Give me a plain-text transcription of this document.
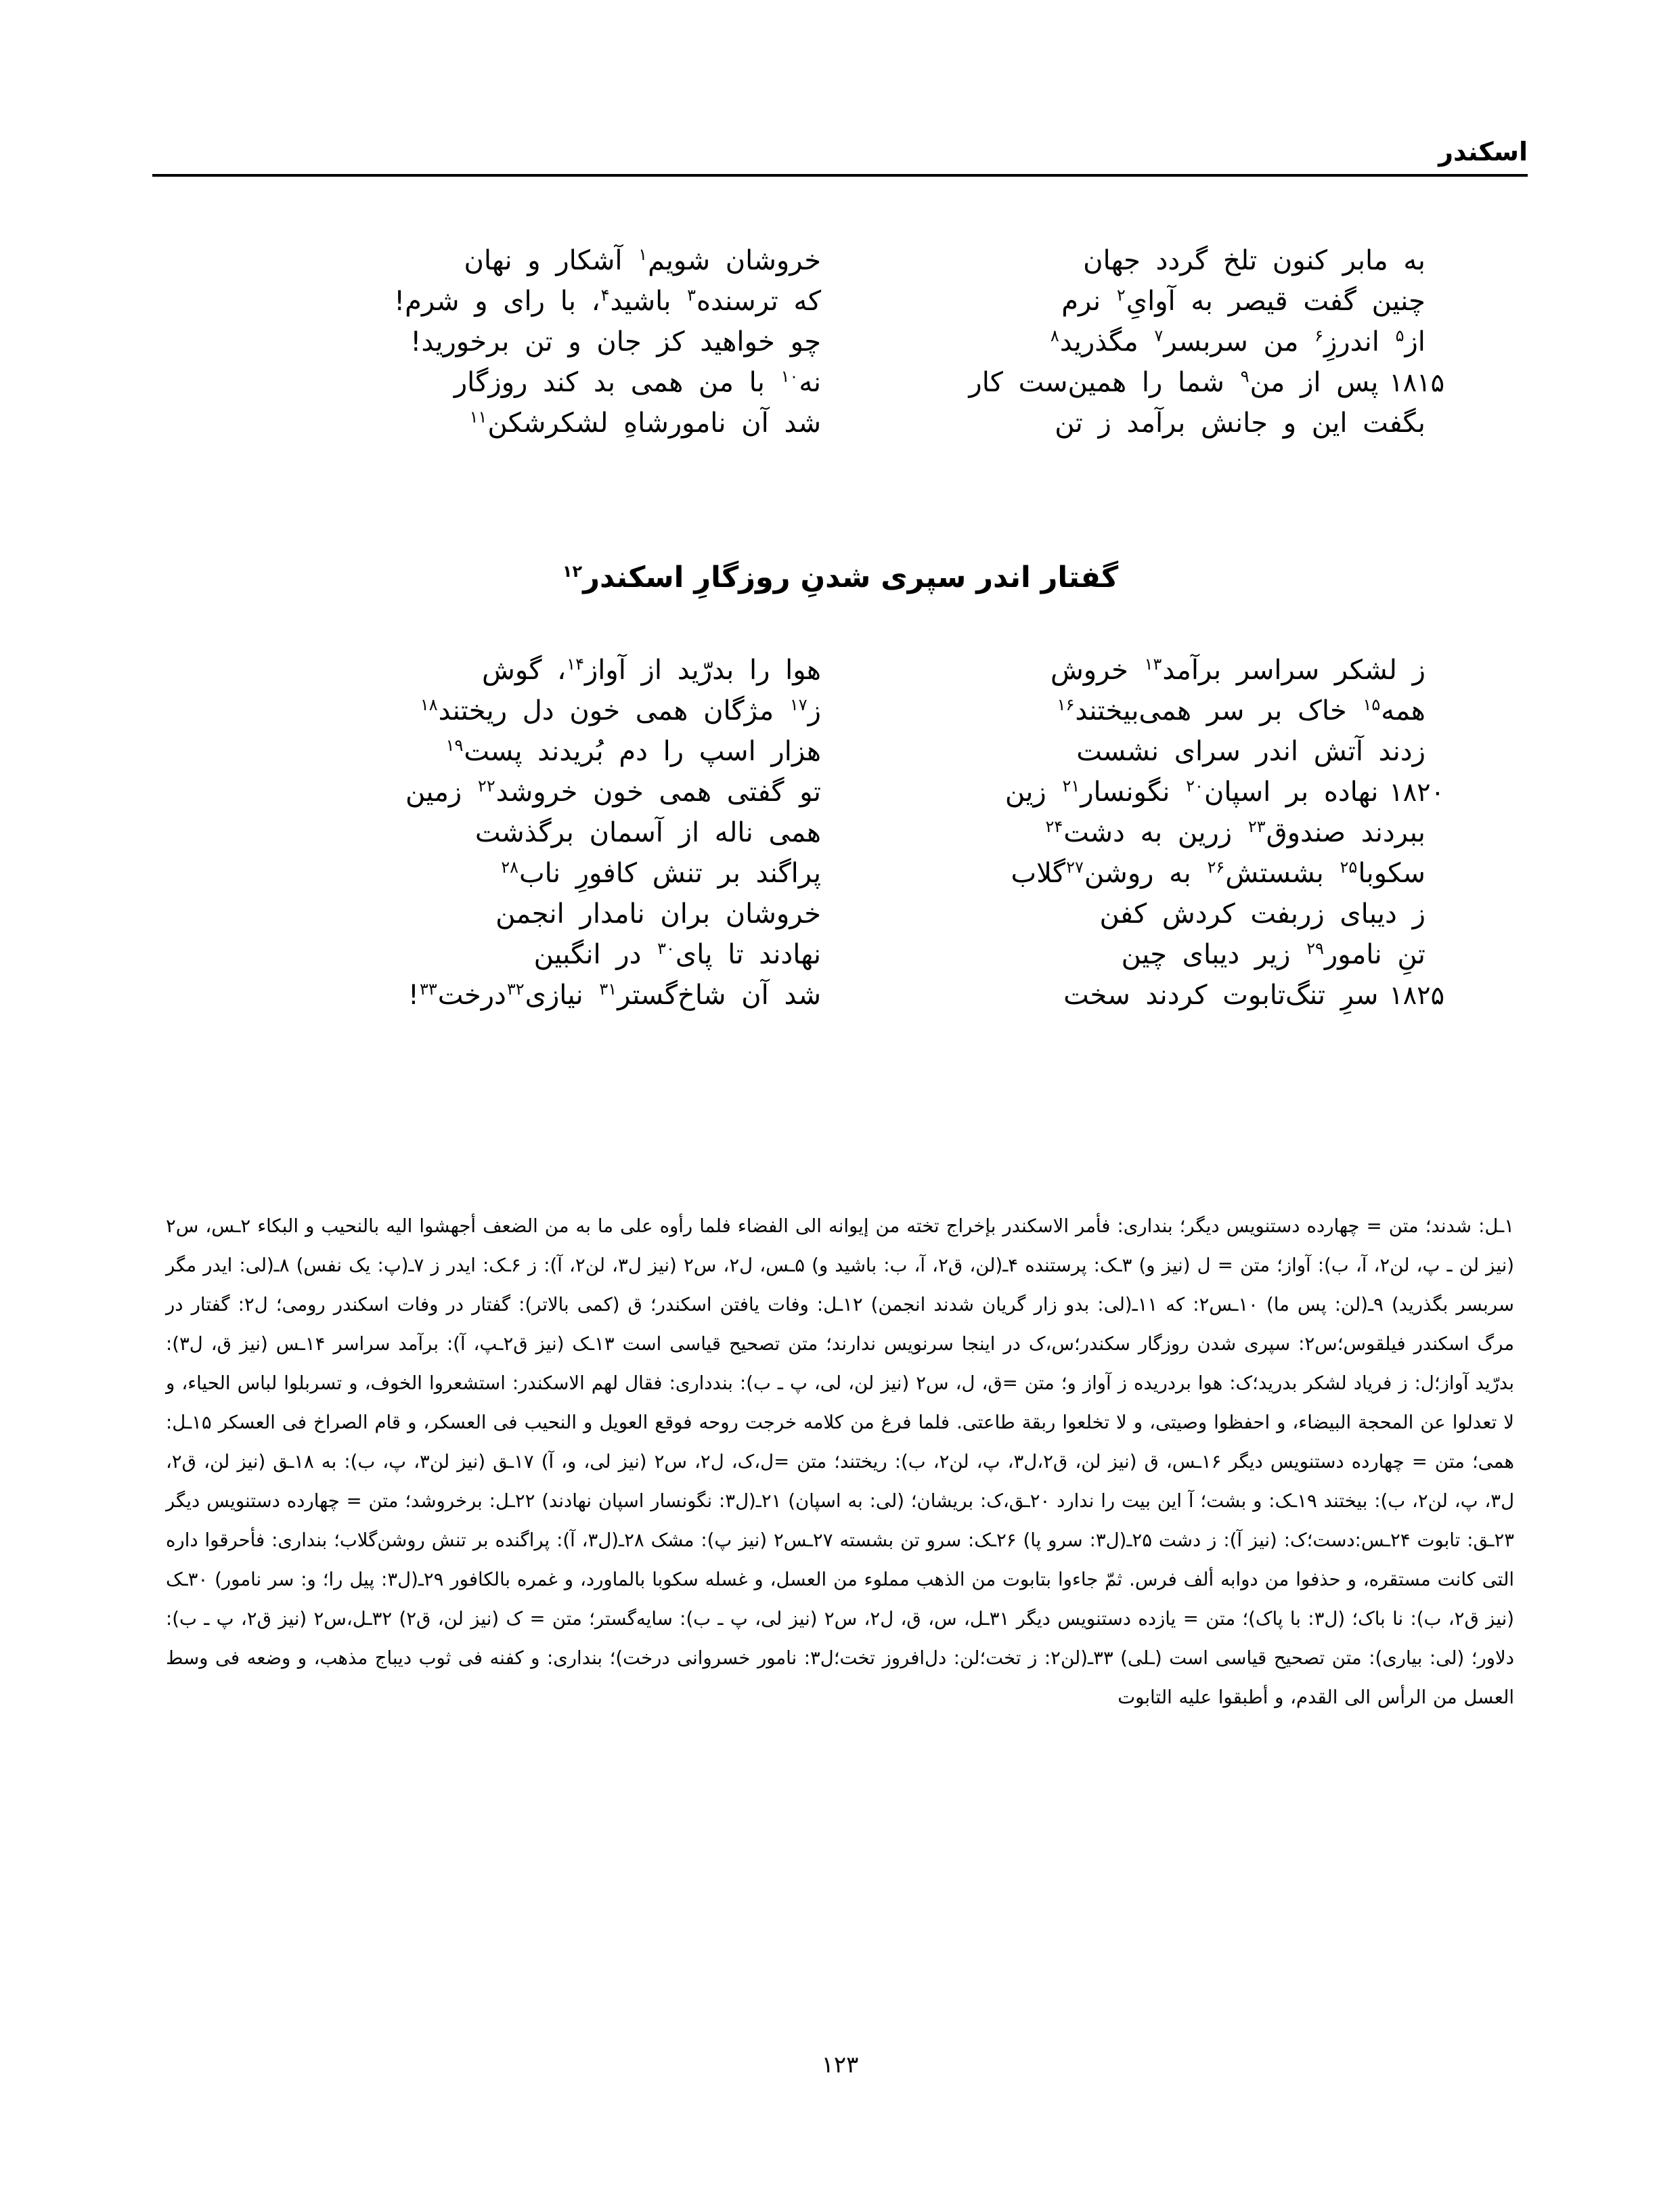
اسکندر
به مابر کنون تلخ گردد جهان
خروشان شویم$^۱$ آشکار و نهان
چنین گفت قیصر به آوایِ$^۲$ نرم
که ترسنده$^۳$ باشید$^۴$، با رای و شرم!
از$^۵$ اندرزِ$^۶$ من سربسر$^۷$ مگذرید$^۸$
چو خواهید کز جان و تن برخورید!
۱۸۱۵
پس از من$^۹$ شما را همین‌ست کار
نه$^{۱۰}$ با من همی بد کند روزگار
بگفت این و جانش برآمد ز تن
شد آن نامورشاهِ لشکرشکن$^{۱۱}$
گفتار اندر سپری شدنِ روزگارِ اسکندر$^{۱۲}$
ز لشکر سراسر برآمد$^{۱۳}$ خروش
هوا را بدرّید از آواز$^{۱۴}$، گوش
همه$^{۱۵}$ خاک بر سر همی‌بیختند$^{۱۶}$
ز$^{۱۷}$ مژگان همی خون دل ریختند$^{۱۸}$
زدند آتش اندر سرای نشست
هزار اسپ را دم بُریدند پست$^{۱۹}$
۱۸۲۰
نهاده بر اسپان$^{۲۰}$ نگونسار$^{۲۱}$ زین
تو گفتی همی خون خروشد$^{۲۲}$ زمین
ببردند صندوق$^{۲۳}$ زرین به دشت$^{۲۴}$
همی ناله از آسمان برگذشت
سکوبا$^{۲۵}$ بشستش$^{۲۶}$ به روشن$^{۲۷}$گلاب
پراگند بر تنش کافورِ ناب$^{۲۸}$
ز دیبای زربفت کردش کفن
خروشان بران نامدار انجمن
تنِ نامور$^{۲۹}$ زیر دیبای چین
نهادند تا پای$^{۳۰}$ در انگبین
۱۸۲۵
سرِ تنگ‌تابوت کردند سخت
شد آن شاخ‌گستر$^{۳۱}$ نیازی$^{۳۲}$درخت$^{۳۳}$!

۱ـل: شدند؛ متن = چهارده دستنویس دیگر؛ بنداری: فأمر الاسکندر بإخراج تخته من إیوانه الی الفضاء فلما رأوه علی ما به من الضعف أجهشوا الیه بالنحیب و البکاء ۲ـس، س۲ (نیز لن ـ پ، لن۲، آ، ب): آواز؛ متن = ل (نیز و) ۳ـک: پرستنده ۴ـ(لن، ق۲، آ، ب: باشید و) ۵ـس، ل۲، س۲ (نیز ل۳، لن۲، آ): ز ۶ـک: ایدر ز ۷ـ(پ: یک نفس) ۸ـ(لی: ایدر مگر سربسر بگذرید) ۹ـ(لن: پس ما) ۱۰ـس۲: که ۱۱ـ(لی: بدو زار گریان شدند انجمن) ۱۲ـل: وفات یافتن اسکندر؛ ق (کمی بالاتر): گفتار در وفات اسکندر رومی؛ ل۲: گفتار در مرگ اسکندر فیلقوس؛س۲: سپری شدن روزگار سکندر؛س،ک در اینجا سرنویس ندارند؛ متن تصحیح قیاسی است ۱۳ـک (نیز ق۲ـپ، آ): برآمد سراسر ۱۴ـس (نیز ق، ل۳): بدرّید آواز؛ل: ز فریاد لشکر بدرید؛ک: هوا بردریده ز آواز و؛ متن =ق، ل، س۲ (نیز لن، لی، پ ـ ب): بندداری: فقال لهم الاسکندر: استشعروا الخوف، و تسربلوا لباس الحیاء، و لا تعدلوا عن المحجة البیضاء، و احفظوا وصیتی، و لا تخلعوا ربقة طاعتی. فلما فرغ من کلامه خرجت روحه فوقع العویل و النحیب فی العسکر، و قام الصراخ فی العسکر ۱۵ـل: همی؛ متن = چهارده دستنویس دیگر ۱۶ـس، ق (نیز لن، ق۲،ل۳، پ، لن۲، ب): ریختند؛ متن =ل،ک، ل۲، س۲ (نیز لی، و، آ) ۱۷ـق (نیز لن۳، پ، ب): به ۱۸ـق (نیز لن، ق۲، ل۳، پ، لن۲، ب): بیختند ۱۹ـک: و بشت؛ آ این بیت را ندارد ۲۰ـق،ک: بریشان؛ (لی: به اسپان) ۲۱ـ(ل۳: نگونسار اسپان نهادند) ۲۲ـل: برخروشد؛ متن = چهارده دستنویس دیگر ۲۳ـق: تابوت ۲۴ـس:دست؛ک: (نیز آ): ز دشت ۲۵ـ(ل۳: سرو پا) ۲۶ـک: سرو تن بشسته ۲۷ـس۲ (نیز پ): مشک ۲۸ـ(ل۳، آ): پراگنده بر تنش روشن‌گلاب؛ بنداری: فأحرقوا داره التی کانت مستقره، و حذفوا من دوابه ألف فرس. ثمّ جاءوا بتابوت من الذهب مملوء من العسل، و غسله سکوبا بالماورد، و غمره بالکافور ۲۹ـ(ل۳: پیل را؛ و: سر نامور) ۳۰ـک (نیز ق۲، ب): نا باک؛ (ل۳: با پاک)؛ متن = یازده دستنویس دیگر ۳۱ـل، س، ق، ل۲، س۲ (نیز لی، پ ـ ب): سایه‌گستر؛ متن = ک (نیز لن، ق۲) ۳۲ـل،س۲ (نیز ق۲، پ ـ ب): دلاور؛ (لی: بیاری): متن تصحیح قیاسی است (ـلی) ۳۳ـ(لن۲: ز تخت؛لن: دل‌افروز تخت؛ل۳: نامور خسروانی درخت)؛ بنداری: و کفنه فی ثوب دیباج مذهب، و وضعه فی وسط العسل من الرأس الی القدم، و أطبقوا علیه التابوت

۱۲۳
